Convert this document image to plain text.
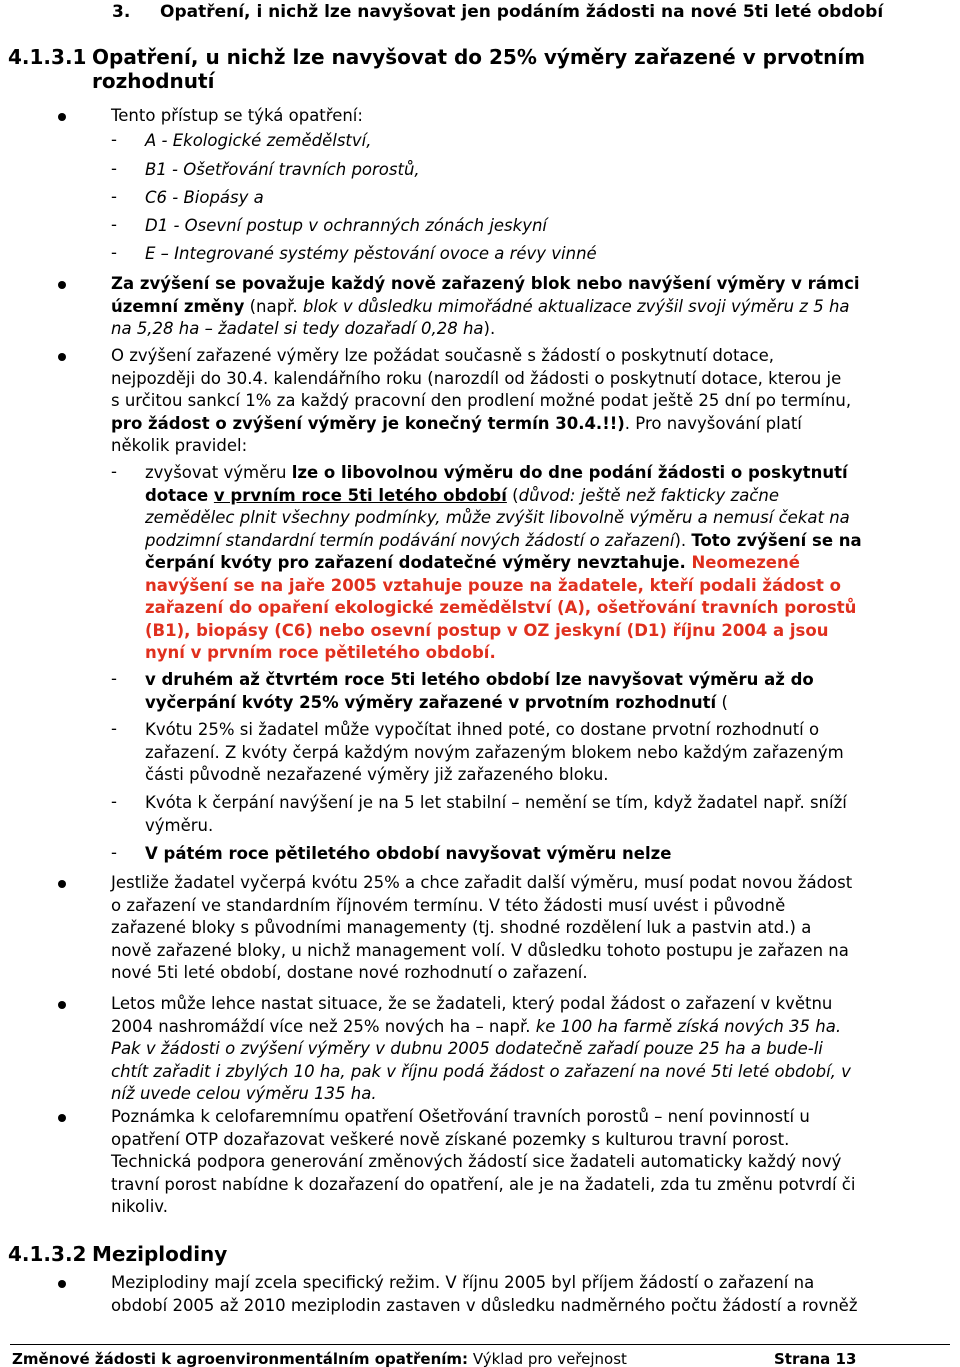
3. Opatření, i nichž lze navyšovat jen podáním žádosti na nové 5ti leté období
4.1.3.1 Opatření, u nichž lze navyšovat do 25% výměry zařazené v prvotním rozhodnutí
Tento přístup se týká opatření:
- A - Ekologické zemědělství,
- B1 - Ošetřování travních porostů,
- C6 - Biopásy a
- D1 - Osevní postup v ochranných zónách jeskyní
- E – Integrované systémy pěstování ovoce a révy vinné
Za zvýšení se považuje každý nově zařazený blok nebo navýšení výměry v rámci
územní změny (např. blok v důsledku mimořádné aktualizace zvýšil svoji výměru z 5 ha
na 5,28 ha – žadatel si tedy dozařadí 0,28 ha).
O zvýšení zařazené výměry lze požádat současně s žádostí o poskytnutí dotace,
nejpozději do 30.4. kalendářního roku (narozdíl od žádosti o poskytnutí dotace, kterou je
s určitou sankcí 1% za každý pracovní den prodlení možné podat ještě 25 dní po termínu,
pro žádost o zvýšení výměry je konečný termín 30.4.!!). Pro navyšování platí
několik pravidel:
- zvyšovat výměru lze o libovolnou výměru do dne podání žádosti o poskytnutí
dotace v prvním roce 5ti letého období (důvod: ještě než fakticky začne
zemědělec plnit všechny podmínky, může zvýšit libovolně výměru a nemusí čekat na
podzimní standardní termín podávání nových žádostí o zařazení). Toto zvýšení se na
čerpání kvóty pro zařazení dodatečné výměry nevztahuje. Neomezené
navýšení se na jaře 2005 vztahuje pouze na žadatele, kteří podali žádost o
zařazení do opaření ekologické zemědělství (A), ošetřování travních porostů
(B1), biopásy (C6) nebo osevní postup v OZ jeskyní (D1) říjnu 2004 a jsou
nyní v prvním roce pětiletého období.
- v druhém až čtvrtém roce 5ti letého období lze navyšovat výměru až do
vyčerpání kvóty 25% výměry zařazené v prvotním rozhodnutí (
- Kvótu 25% si žadatel může vypočítat ihned poté, co dostane prvotní rozhodnutí o
zařazení. Z kvóty čerpá každým novým zařazeným blokem nebo každým zařazeným
části původně nezařazené výměry již zařazeného bloku.
- Kvóta k čerpání navýšení je na 5 let stabilní – nemění se tím, když žadatel např. sníží
výměru.
- V pátém roce pětiletého období navyšovat výměru nelze
Jestliže žadatel vyčerpá kvótu 25% a chce zařadit další výměru, musí podat novou žádost
o zařazení ve standardním říjnovém termínu. V této žádosti musí uvést i původně
zařazené bloky s původními managementy (tj. shodné rozdělení luk a pastvin atd.) a
nově zařazené bloky, u nichž management volí. V důsledku tohoto postupu je zařazen na
nové 5ti leté období, dostane nové rozhodnutí o zařazení.
Letos může lehce nastat situace, že se žadateli, který podal žádost o zařazení v květnu
2004 nashromáždí více než 25% nových ha – např. ke 100 ha farmě získá nových 35 ha.
Pak v žádosti o zvýšení výměry v dubnu 2005 dodatečně zařadí pouze 25 ha a bude-li
chtít zařadit i zbylých 10 ha, pak v říjnu podá žádost o zařazení na nové 5ti leté období, v
níž uvede celou výměru 135 ha.
Poznámka k celofaremnímu opatření Ošetřování travních porostů – není povinností u
opatření OTP dozařazovat veškeré nově získané pozemky s kulturou travní porost.
Technická podpora generování změnových žádostí sice žadateli automaticky každý nový
travní porost nabídne k dozařazení do opatření, ale je na žadateli, zda tu změnu potvrdí či
nikoliv.
4.1.3.2 Meziplodiny
Meziplodiny mají zcela specifický režim. V říjnu 2005 byl příjem žádostí o zařazení na
období 2005 až 2010 meziplodin zastaven v důsledku nadměrného počtu žádostí a rovněž
Změnové žádosti k agroenvironmentálním opatřením: Výklad pro veřejnost	Strana 13
